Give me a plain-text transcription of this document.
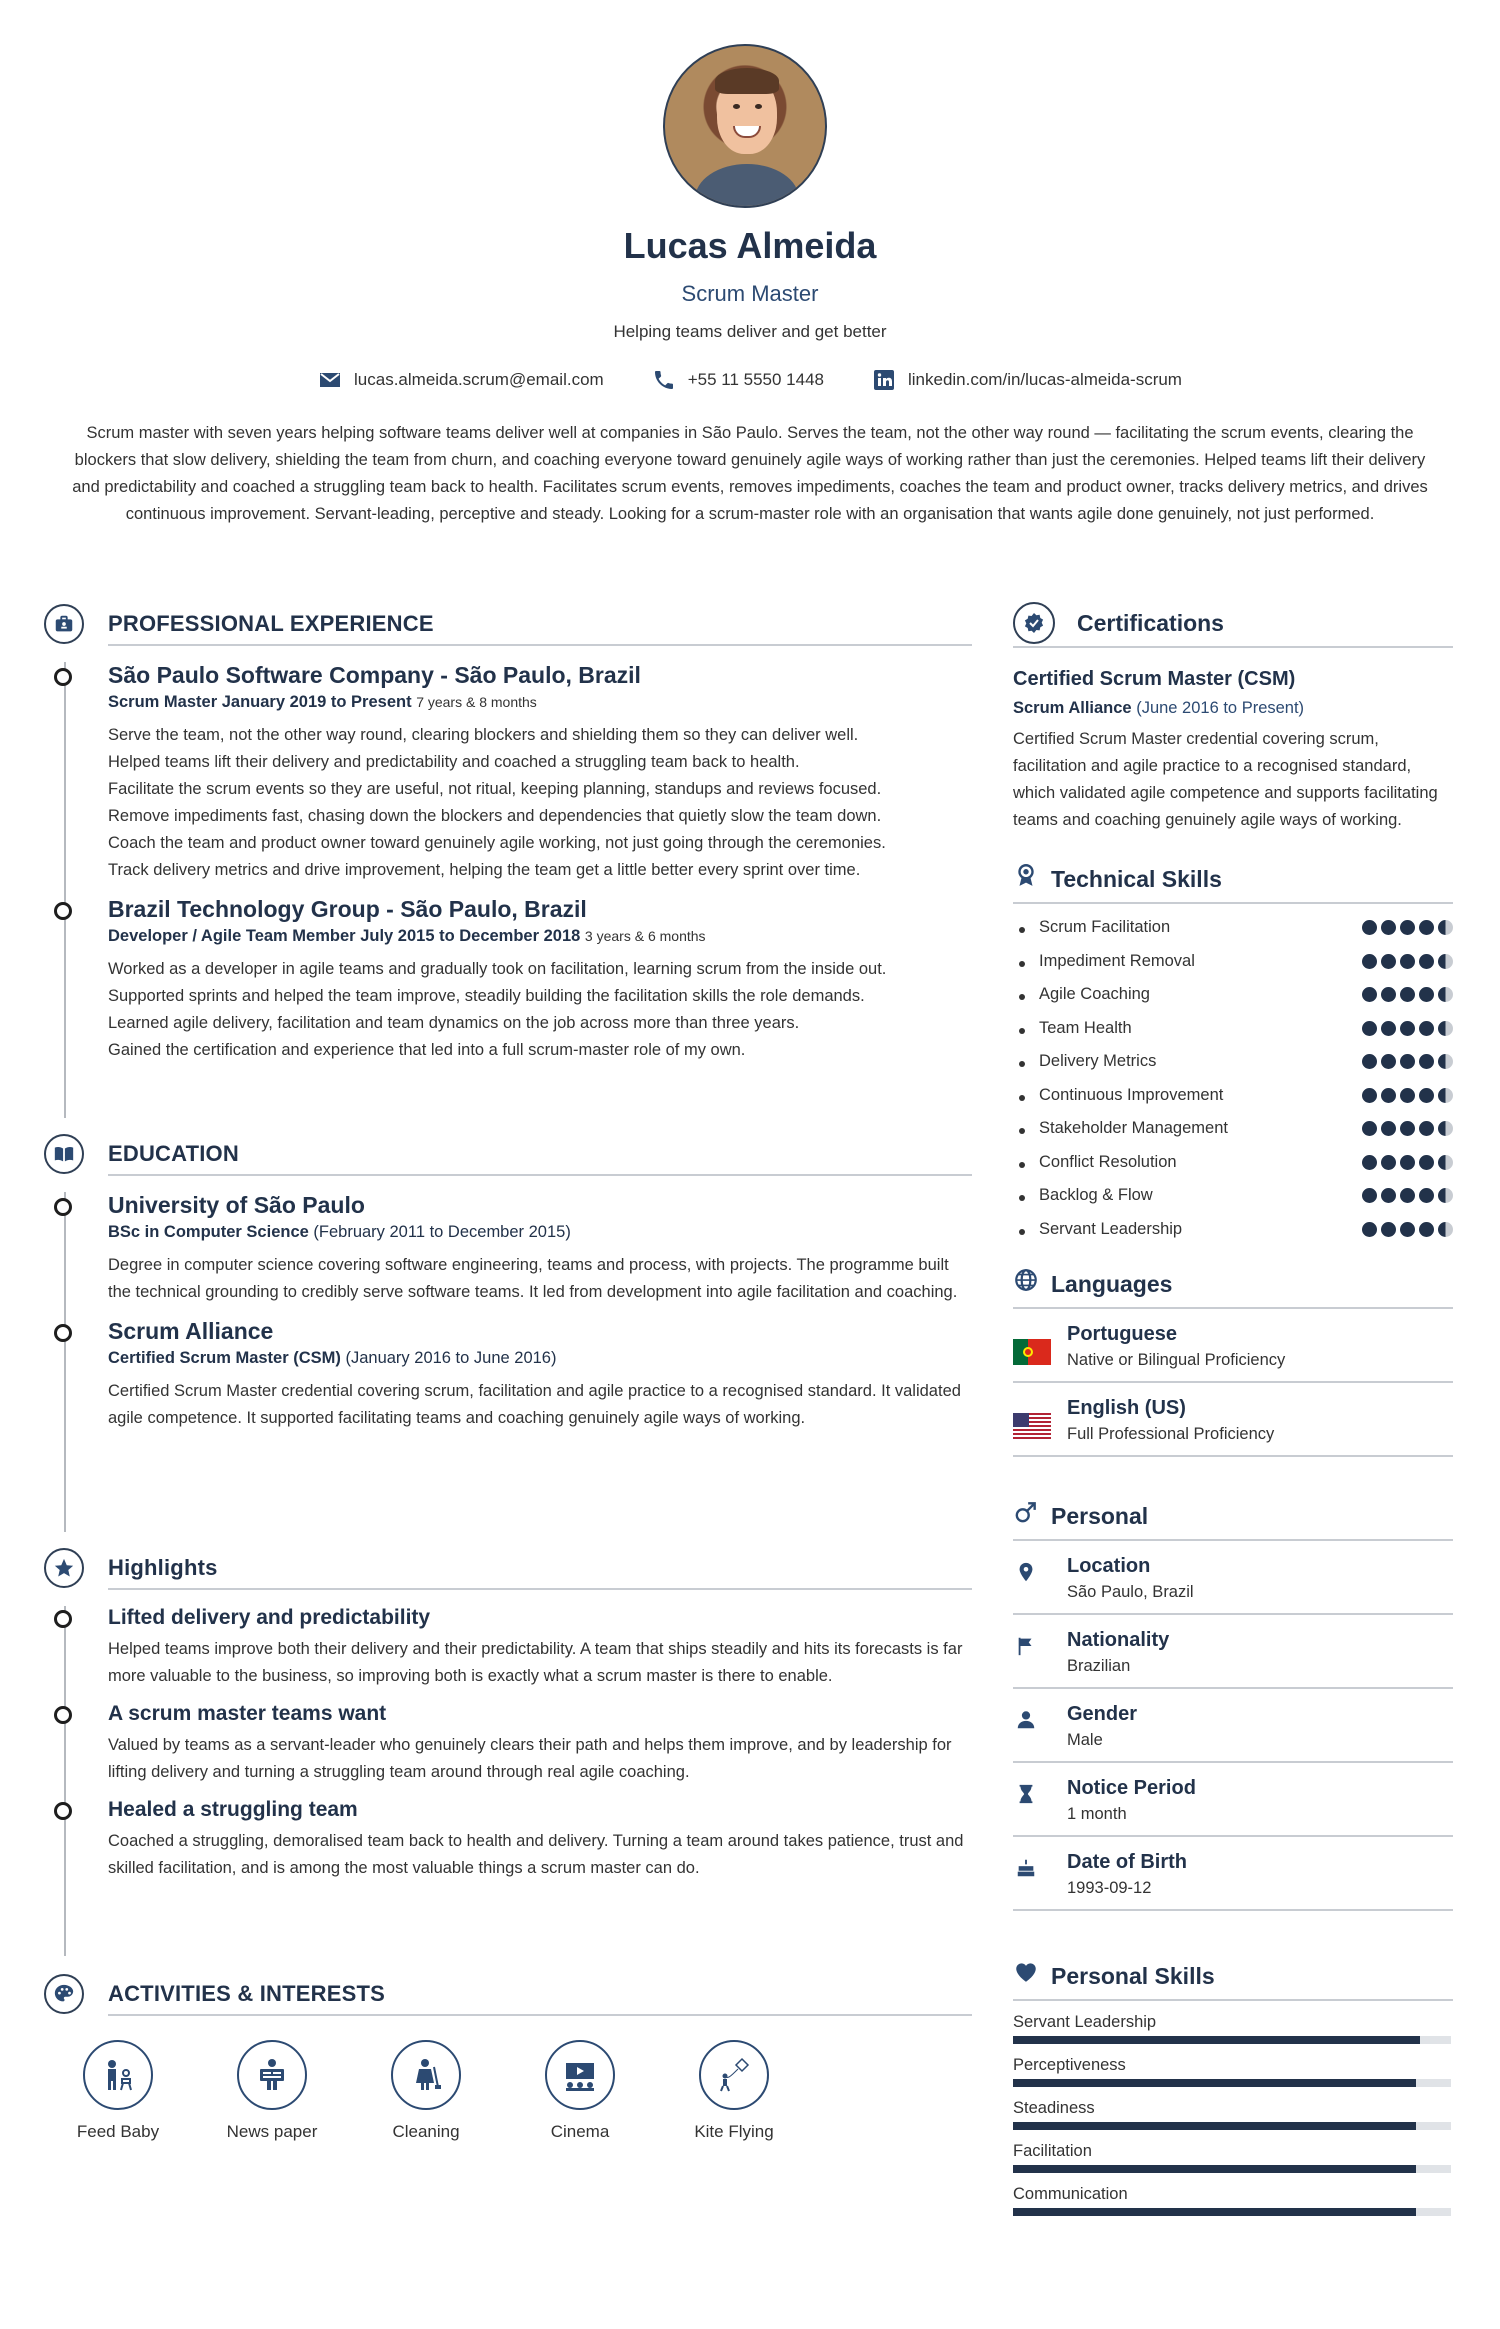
Lucas Almeida
Scrum Master
Helping teams deliver and get better
lucas.almeida.scrum@email.com	+55 11 5550 1448	linkedin.com/in/lucas-almeida-scrum

Scrum master with seven years helping software teams deliver well at companies in São Paulo. Serves the team, not the other way round — facilitating the scrum events, clearing the blockers that slow delivery, shielding the team from churn, and coaching everyone toward genuinely agile ways of working rather than just the ceremonies. Helped teams lift their delivery and predictability and coached a struggling team back to health. Facilitates scrum events, removes impediments, coaches the team and product owner, tracks delivery metrics, and drives continuous improvement. Servant-leading, perceptive and steady. Looking for a scrum-master role with an organisation that wants agile done genuinely, not just performed.

PROFESSIONAL EXPERIENCE
São Paulo Software Company - São Paulo, Brazil
Scrum Master January 2019 to Present 7 years & 8 months
Serve the team, not the other way round, clearing blockers and shielding them so they can deliver well.
Helped teams lift their delivery and predictability and coached a struggling team back to health.
Facilitate the scrum events so they are useful, not ritual, keeping planning, standups and reviews focused.
Remove impediments fast, chasing down the blockers and dependencies that quietly slow the team down.
Coach the team and product owner toward genuinely agile working, not just going through the ceremonies.
Track delivery metrics and drive improvement, helping the team get a little better every sprint over time.
Brazil Technology Group - São Paulo, Brazil
Developer / Agile Team Member July 2015 to December 2018 3 years & 6 months
Worked as a developer in agile teams and gradually took on facilitation, learning scrum from the inside out.
Supported sprints and helped the team improve, steadily building the facilitation skills the role demands.
Learned agile delivery, facilitation and team dynamics on the job across more than three years.
Gained the certification and experience that led into a full scrum-master role of my own.
EDUCATION
University of São Paulo
BSc in Computer Science (February 2011 to December 2015)
Degree in computer science covering software engineering, teams and process, with projects. The programme built the technical grounding to credibly serve software teams. It led from development into agile facilitation and coaching.
Scrum Alliance
Certified Scrum Master (CSM) (January 2016 to June 2016)
Certified Scrum Master credential covering scrum, facilitation and agile practice to a recognised standard. It validated agile competence. It supported facilitating teams and coaching genuinely agile ways of working.
Highlights
Lifted delivery and predictability
Helped teams improve both their delivery and their predictability. A team that ships steadily and hits its forecasts is far more valuable to the business, so improving both is exactly what a scrum master is there to enable.
A scrum master teams want
Valued by teams as a servant-leader who genuinely clears their path and helps them improve, and by leadership for lifting delivery and turning a struggling team around through real agile coaching.
Healed a struggling team
Coached a struggling, demoralised team back to health and delivery. Turning a team around takes patience, trust and skilled facilitation, and is among the most valuable things a scrum master can do.
ACTIVITIES & INTERESTS
Feed Baby	News paper	Cleaning	Cinema	Kite Flying
Certifications
Certified Scrum Master (CSM)
Scrum Alliance (June 2016 to Present)
Certified Scrum Master credential covering scrum, facilitation and agile practice to a recognised standard, which validated agile competence and supports facilitating teams and coaching genuinely agile ways of working.
Technical Skills
Scrum Facilitation
Impediment Removal
Agile Coaching
Team Health
Delivery Metrics
Continuous Improvement
Stakeholder Management
Conflict Resolution
Backlog & Flow
Servant Leadership
Languages
Portuguese
Native or Bilingual Proficiency
English (US)
Full Professional Proficiency
Personal
Location
São Paulo, Brazil
Nationality
Brazilian
Gender
Male
Notice Period
1 month
Date of Birth
1993-09-12
Personal Skills
Servant Leadership
Perceptiveness
Steadiness
Facilitation
Communication
